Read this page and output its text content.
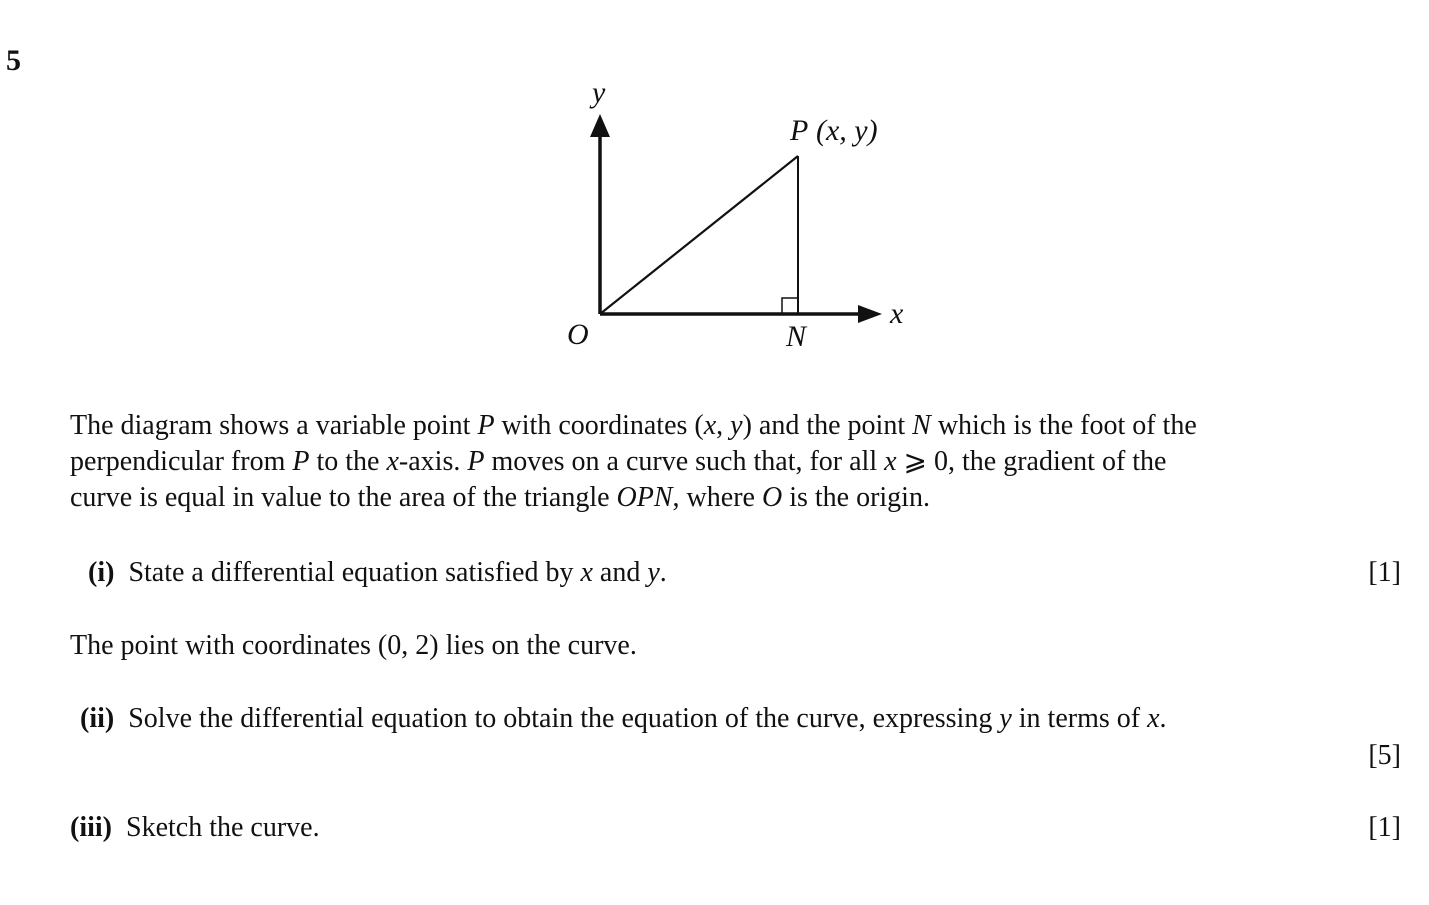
5
y
x
O	N
P (x, y)
The diagram shows a variable point P with coordinates (x, y) and the point N which is the foot of the
perpendicular from P to the x-axis. P moves on a curve such that, for all x ⩾ 0, the gradient of the
curve is equal in value to the area of the triangle OPN, where O is the origin.
(i) State a differential equation satisfied by x and y.	[1]
The point with coordinates (0, 2) lies on the curve.
(ii) Solve the differential equation to obtain the equation of the curve, expressing y in terms of x.
[5]
(iii) Sketch the curve.	[1]
